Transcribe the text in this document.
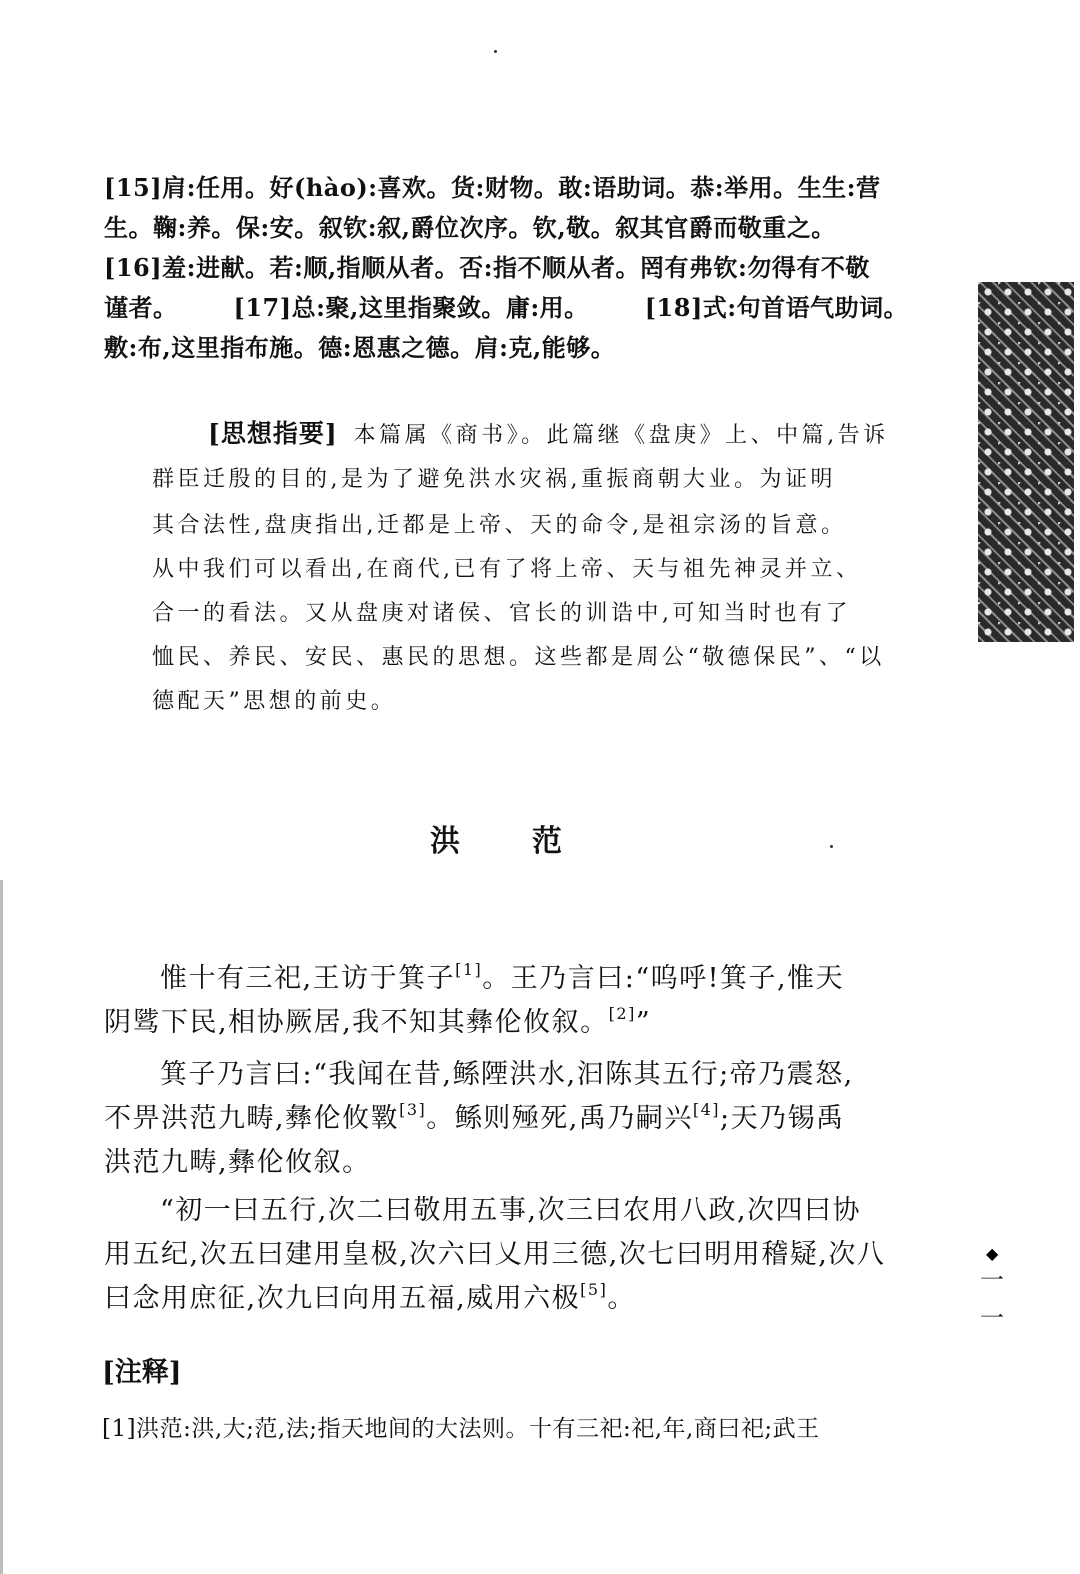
[15]肩:任用。好(hào):喜欢。货:财物。敢:语助词。恭:举用。生生:营
生。鞠:养。保:安。叙钦:叙,爵位次序。钦,敬。叙其官爵而敬重之。
[16]羞:进献。若:顺,指顺从者。否:指不顺从者。罔有弗钦:勿得有不敬
谨者。 [17]总:聚,这里指聚敛。庸:用。 [18]式:句首语气助词。
敷:布,这里指布施。德:恩惠之德。肩:克,能够。
[思想指要] 本篇属《商书》。此篇继《盘庚》上、中篇,告诉
群臣迁殷的目的,是为了避免洪水灾祸,重振商朝大业。为证明
其合法性,盘庚指出,迁都是上帝、天的命令,是祖宗汤的旨意。
从中我们可以看出,在商代,已有了将上帝、天与祖先神灵并立、
合一的看法。又从盘庚对诸侯、官长的训诰中,可知当时也有了
恤民、养民、安民、惠民的思想。这些都是周公“敬德保民”、“以
德配天”思想的前史。
洪 范
惟十有三祀,王访于箕子[1]。王乃言曰:“呜呼!箕子,惟天
阴骘下民,相协厥居,我不知其彝伦攸叙。[2]”
箕子乃言曰:“我闻在昔,鲧陻洪水,汩陈其五行;帝乃震怒,
不畀洪范九畴,彝伦攸斁[3]。鲧则殛死,禹乃嗣兴[4];天乃锡禹
洪范九畴,彝伦攸叙。
“初一曰五行,次二曰敬用五事,次三曰农用八政,次四曰协
用五纪,次五曰建用皇极,次六曰乂用三德,次七曰明用稽疑,次八
曰念用庶征,次九曰向用五福,威用六极[5]。
[注释]
[1]洪范:洪,大;范,法;指天地间的大法则。十有三祀:祀,年,商曰祀;武王
◆
一
一
